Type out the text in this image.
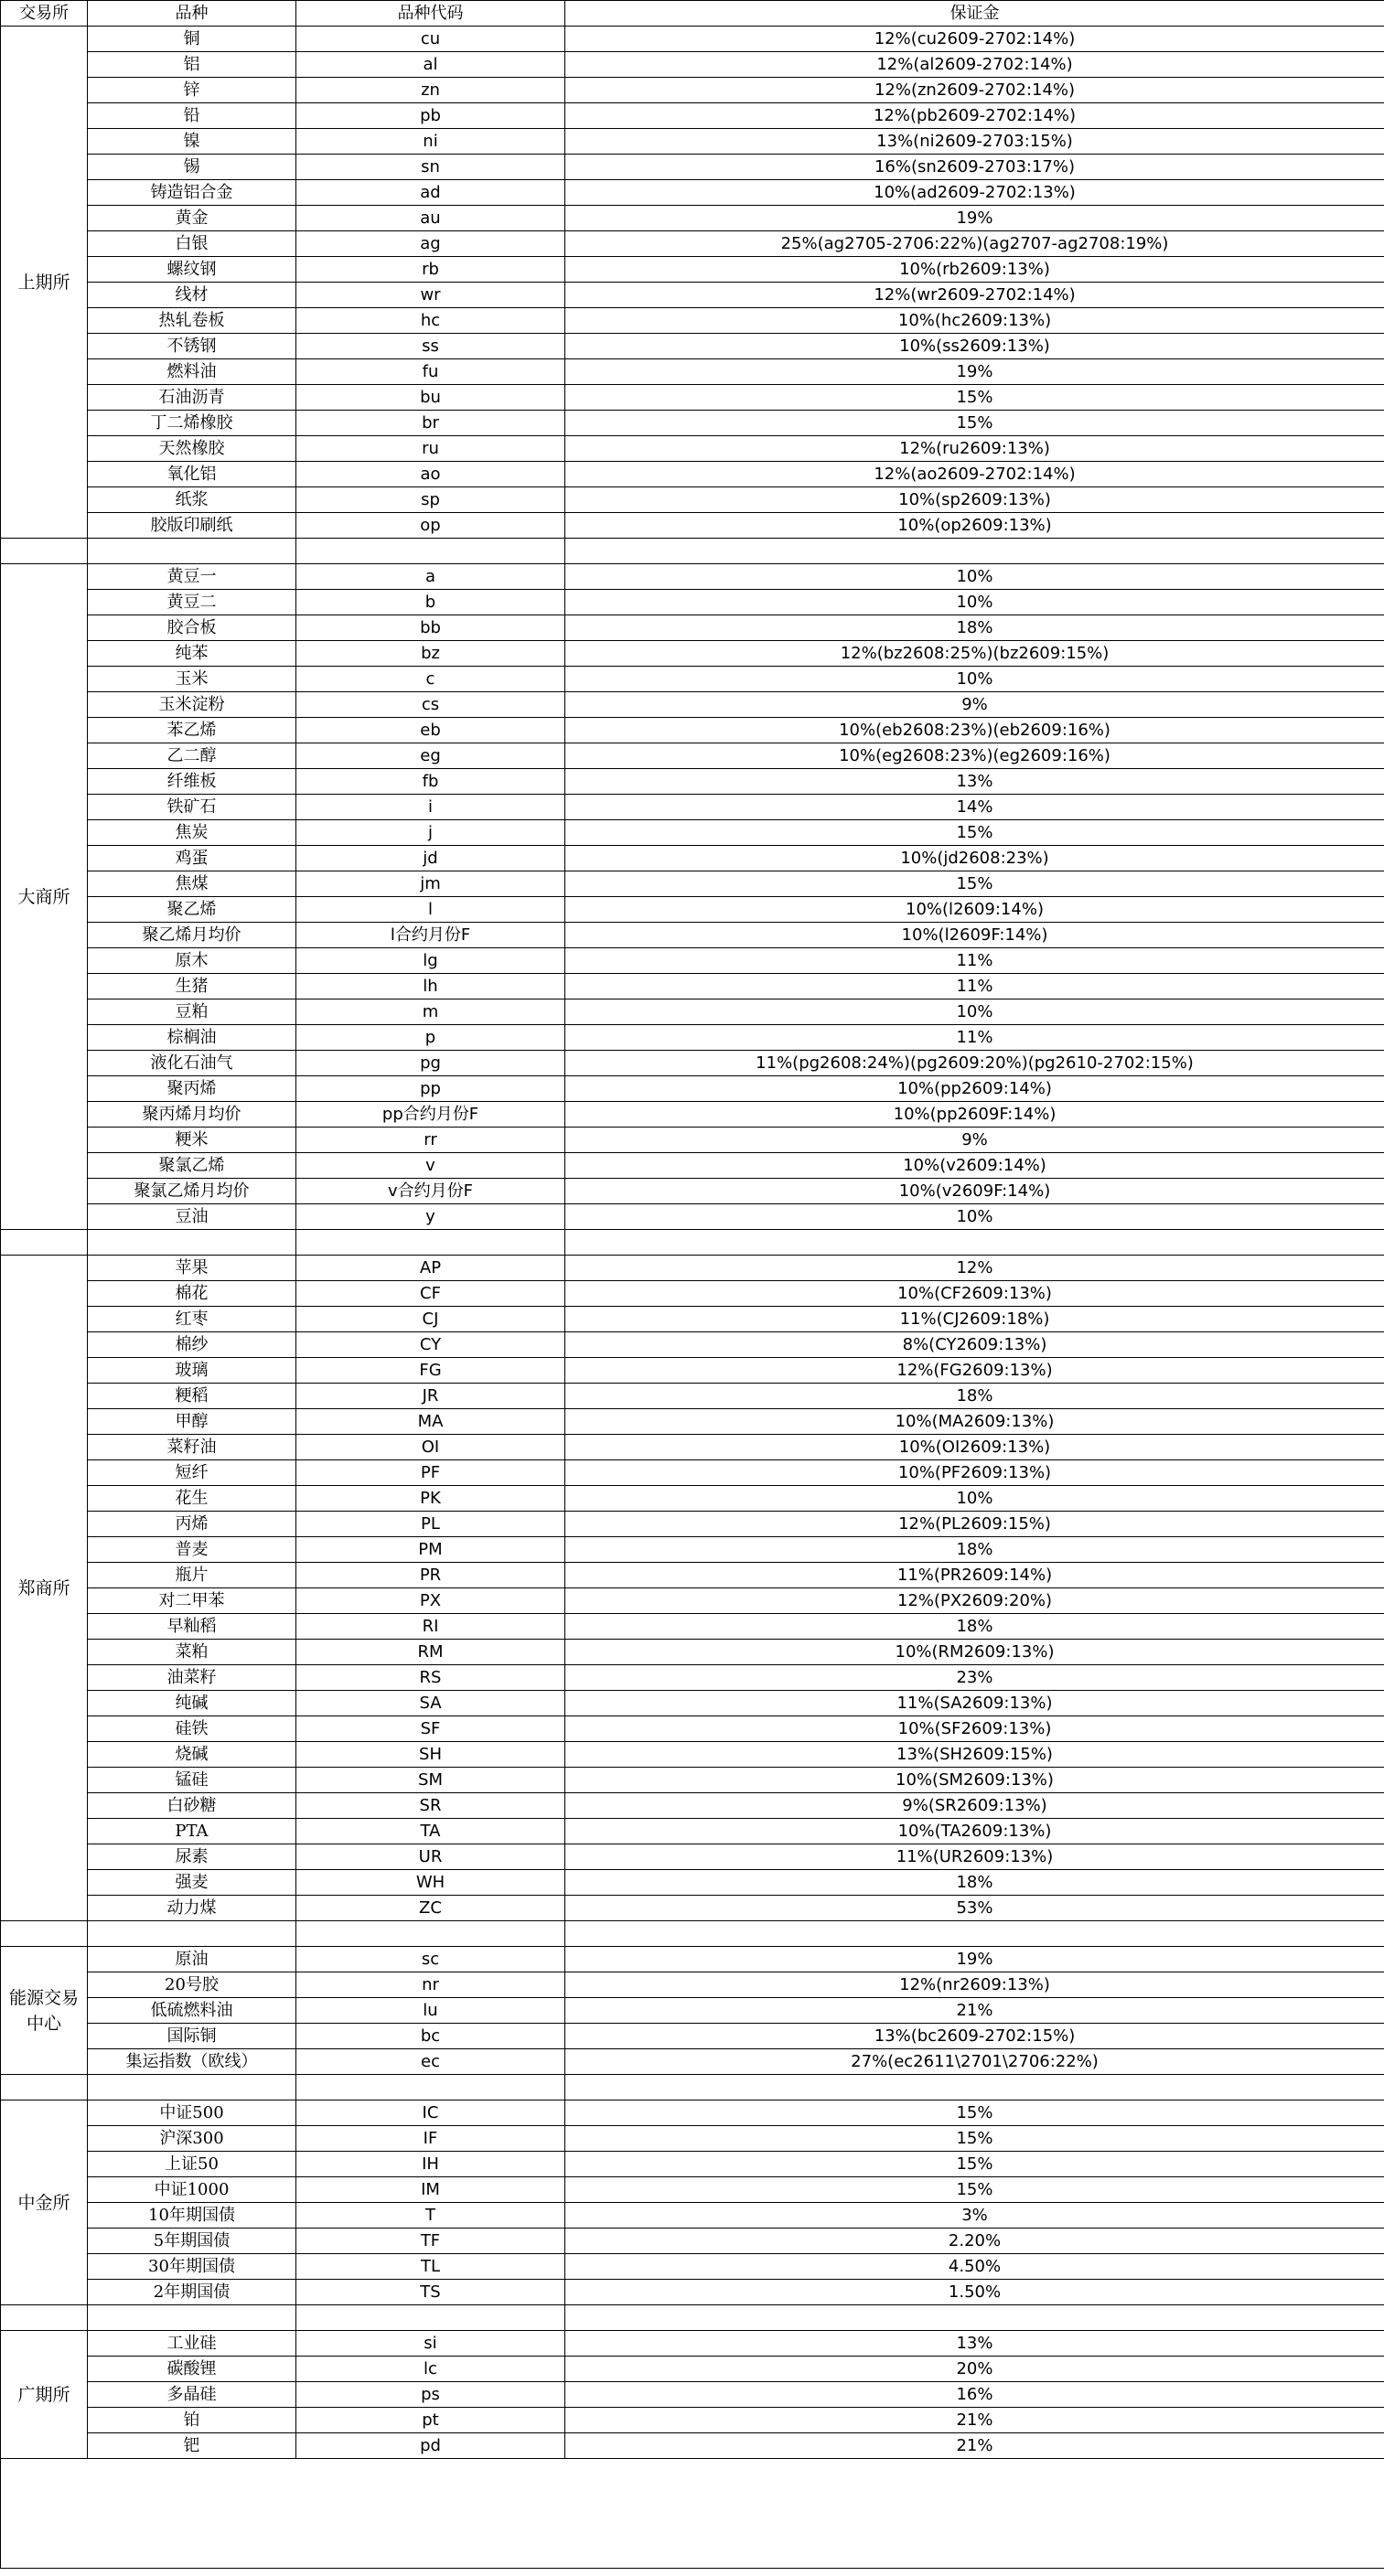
交易所	品种	品种代码	保证金
上期所	铜	cu	12%(cu2609-2702:14%)
	铝	al	12%(al2609-2702:14%)
	锌	zn	12%(zn2609-2702:14%)
	铅	pb	12%(pb2609-2702:14%)
	镍	ni	13%(ni2609-2703:15%)
	锡	sn	16%(sn2609-2703:17%)
	铸造铝合金	ad	10%(ad2609-2702:13%)
	黄金	au	19%
	白银	ag	25%(ag2705-2706:22%)(ag2707-ag2708:19%)
	螺纹钢	rb	10%(rb2609:13%)
	线材	wr	12%(wr2609-2702:14%)
	热轧卷板	hc	10%(hc2609:13%)
	不锈钢	ss	10%(ss2609:13%)
	燃料油	fu	19%
	石油沥青	bu	15%
	丁二烯橡胶	br	15%
	天然橡胶	ru	12%(ru2609:13%)
	氧化铝	ao	12%(ao2609-2702:14%)
	纸浆	sp	10%(sp2609:13%)
	胶版印刷纸	op	10%(op2609:13%)

大商所	黄豆一	a	10%
	黄豆二	b	10%
	胶合板	bb	18%
	纯苯	bz	12%(bz2608:25%)(bz2609:15%)
	玉米	c	10%
	玉米淀粉	cs	9%
	苯乙烯	eb	10%(eb2608:23%)(eb2609:16%)
	乙二醇	eg	10%(eg2608:23%)(eg2609:16%)
	纤维板	fb	13%
	铁矿石	i	14%
	焦炭	j	15%
	鸡蛋	jd	10%(jd2608:23%)
	焦煤	jm	15%
	聚乙烯	l	10%(l2609:14%)
	聚乙烯月均价	l合约月份F	10%(l2609F:14%)
	原木	lg	11%
	生猪	lh	11%
	豆粕	m	10%
	棕榈油	p	11%
	液化石油气	pg	11%(pg2608:24%)(pg2609:20%)(pg2610-2702:15%)
	聚丙烯	pp	10%(pp2609:14%)
	聚丙烯月均价	pp合约月份F	10%(pp2609F:14%)
	粳米	rr	9%
	聚氯乙烯	v	10%(v2609:14%)
	聚氯乙烯月均价	v合约月份F	10%(v2609F:14%)
	豆油	y	10%

郑商所	苹果	AP	12%
	棉花	CF	10%(CF2609:13%)
	红枣	CJ	11%(CJ2609:18%)
	棉纱	CY	8%(CY2609:13%)
	玻璃	FG	12%(FG2609:13%)
	粳稻	JR	18%
	甲醇	MA	10%(MA2609:13%)
	菜籽油	OI	10%(OI2609:13%)
	短纤	PF	10%(PF2609:13%)
	花生	PK	10%
	丙烯	PL	12%(PL2609:15%)
	普麦	PM	18%
	瓶片	PR	11%(PR2609:14%)
	对二甲苯	PX	12%(PX2609:20%)
	早籼稻	RI	18%
	菜粕	RM	10%(RM2609:13%)
	油菜籽	RS	23%
	纯碱	SA	11%(SA2609:13%)
	硅铁	SF	10%(SF2609:13%)
	烧碱	SH	13%(SH2609:15%)
	锰硅	SM	10%(SM2609:13%)
	白砂糖	SR	9%(SR2609:13%)
	PTA	TA	10%(TA2609:13%)
	尿素	UR	11%(UR2609:13%)
	强麦	WH	18%
	动力煤	ZC	53%

能源交易中心	原油	sc	19%
	20号胶	nr	12%(nr2609:13%)
	低硫燃料油	lu	21%
	国际铜	bc	13%(bc2609-2702:15%)
	集运指数（欧线）	ec	27%(ec2611\2701\2706:22%)

中金所	中证500	IC	15%
	沪深300	IF	15%
	上证50	IH	15%
	中证1000	IM	15%
	10年期国债	T	3%
	5年期国债	TF	2.20%
	30年期国债	TL	4.50%
	2年期国债	TS	1.50%

广期所	工业硅	si	13%
	碳酸锂	lc	20%
	多晶硅	ps	16%
	铂	pt	21%
	钯	pd	21%
